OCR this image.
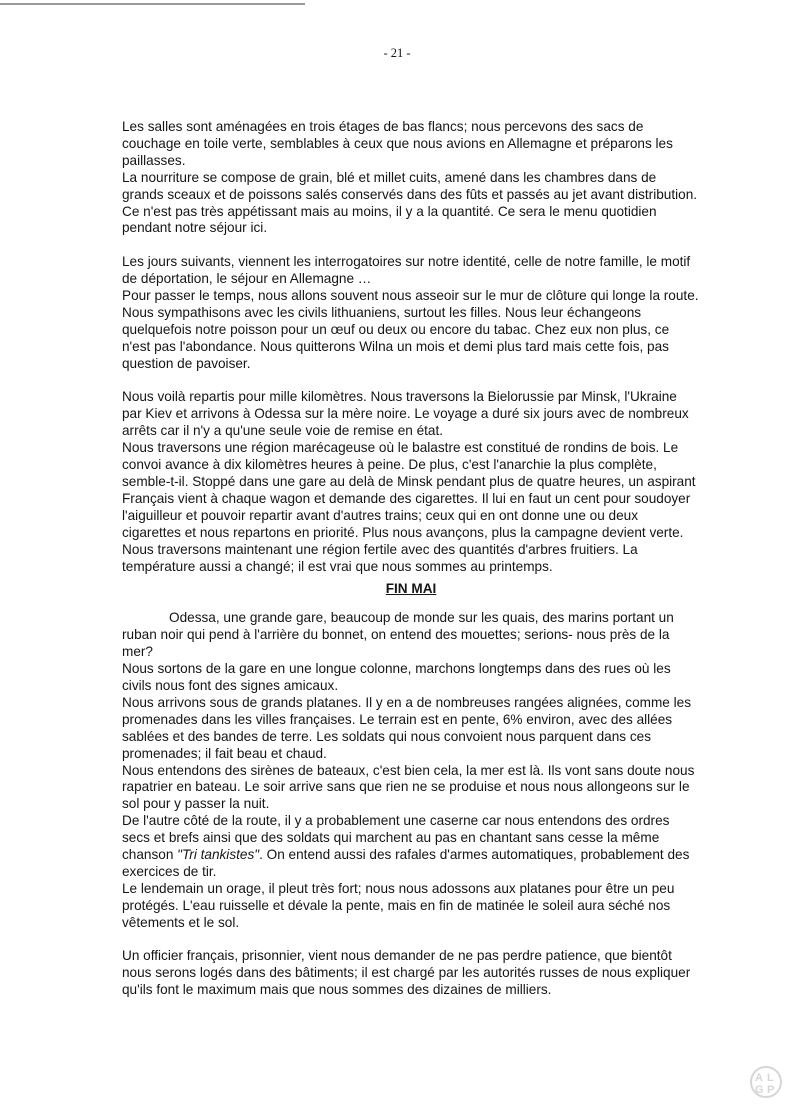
- 21 -

Les salles sont aménagées en trois étages de bas flancs; nous percevons des sacs de couchage en toile verte, semblables à ceux que nous avions en Allemagne et préparons les paillasses.

La nourriture se compose de grain, blé et millet cuits, amené dans les chambres dans de grands sceaux et de poissons salés conservés dans des fûts et passés au jet avant distribution.

Ce n'est pas très appétissant mais au moins, il y a la quantité. Ce sera le menu quotidien pendant notre séjour ici.

Les jours suivants, viennent les interrogatoires sur notre identité, celle de notre famille, le motif de déportation, le séjour en Allemagne …

Pour passer le temps, nous allons souvent nous asseoir sur le mur de clôture qui longe la route. Nous sympathisons avec les civils lithuaniens, surtout les filles. Nous leur échangeons quelquefois notre poisson pour un œuf ou deux ou encore du tabac. Chez eux non plus, ce n'est pas l'abondance. Nous quitterons Wilna un mois et demi plus tard mais cette fois, pas question de pavoiser.

Nous voilà repartis pour mille kilomètres. Nous traversons la Bielorussie par Minsk, l'Ukraine par Kiev et arrivons à Odessa sur la mère noire. Le voyage a duré six jours avec de nombreux arrêts car il n'y a qu'une seule voie de remise en état.

Nous traversons une région marécageuse où le balastre est constitué de rondins de bois. Le convoi avance à dix kilomètres heures à peine. De plus, c'est l'anarchie la plus complète, semble-t-il. Stoppé dans une gare au delà de Minsk pendant plus de quatre heures, un aspirant Français vient à chaque wagon et demande des cigarettes. Il lui en faut un cent pour soudoyer l'aiguilleur et pouvoir repartir avant d'autres trains; ceux qui en ont donne une ou deux cigarettes et nous repartons en priorité. Plus nous avançons, plus la campagne devient verte. Nous traversons maintenant une région fertile avec des quantités d'arbres fruitiers. La température aussi a changé; il est vrai que nous sommes au printemps.

FIN MAI

Odessa, une grande gare, beaucoup de monde sur les quais, des marins portant un ruban noir qui pend à l'arrière du bonnet, on entend des mouettes; serions- nous près de la mer?

Nous sortons de la gare en une longue colonne, marchons longtemps dans des rues où les civils nous font des signes amicaux.

Nous arrivons sous de grands platanes. Il y en a de nombreuses rangées alignées, comme les promenades dans les villes françaises. Le terrain est en pente, 6% environ, avec des allées sablées et des bandes de terre. Les soldats qui nous convoient nous parquent dans ces promenades; il fait beau et chaud.

Nous entendons des sirènes de bateaux, c'est bien cela, la mer est là. Ils vont sans doute nous rapatrier en bateau. Le soir arrive sans que rien ne se produise et nous nous allongeons sur le sol pour y passer la nuit.

De l'autre côté de la route, il y a probablement une caserne car nous entendons des ordres secs et brefs ainsi que des soldats qui marchent au pas en chantant sans cesse la même chanson "Tri tankistes". On entend aussi des rafales d'armes automatiques, probablement des exercices de tir.

Le lendemain un orage, il pleut très fort; nous nous adossons aux platanes pour être un peu protégés. L'eau ruisselle et dévale la pente, mais en fin de matinée le soleil aura séché nos vêtements et le sol.

Un officier français, prisonnier, vient nous demander de ne pas perdre patience, que bientôt nous serons logés dans des bâtiments; il est chargé par les autorités russes de nous expliquer qu'ils font le maximum mais que nous sommes des dizaines de milliers.

A L
G P
